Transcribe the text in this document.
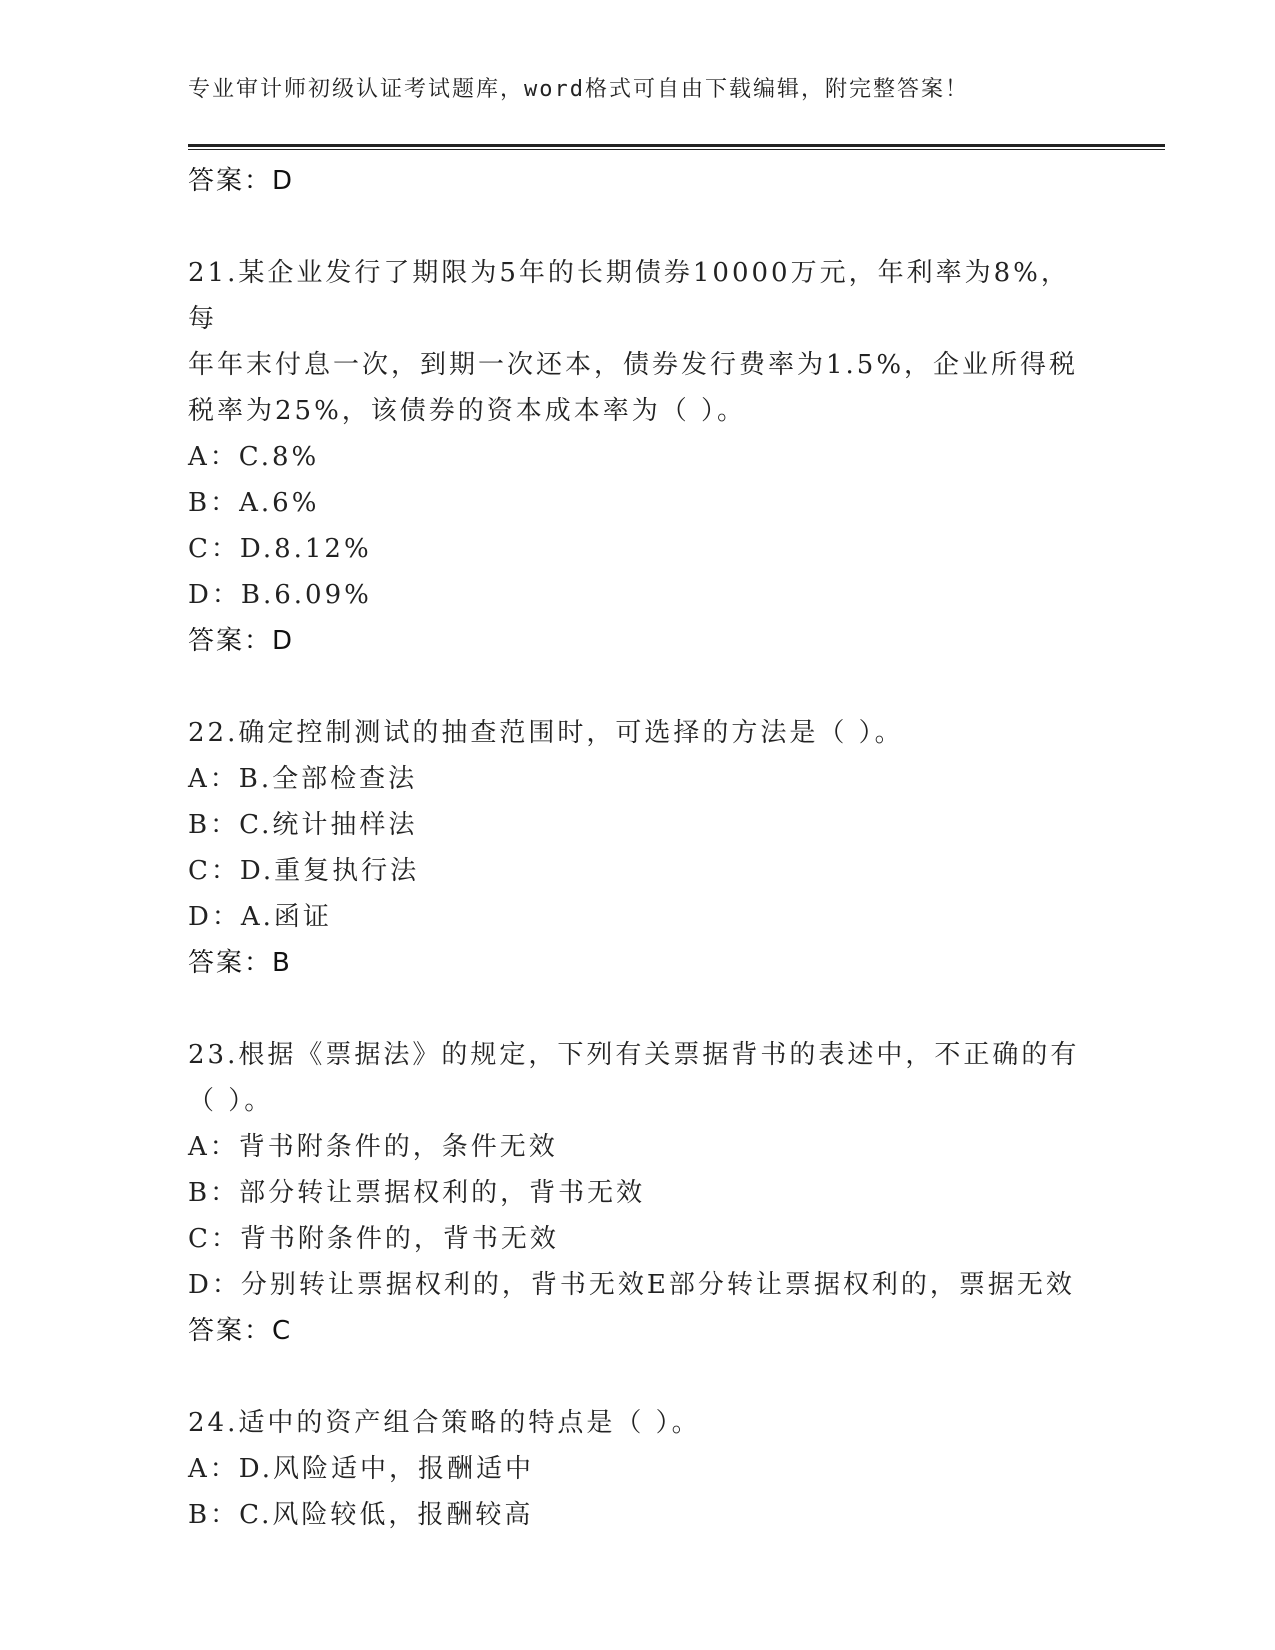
专业审计师初级认证考试题库，word格式可自由下载编辑，附完整答案！
答案：D
21.某企业发行了期限为5年的长期债券10000万元，年利率为8%，每
年年末付息一次，到期一次还本，债券发行费率为1.5%，企业所得税
税率为25%，该债券的资本成本率为（ ）。
A：C.8%
B：A.6%
C：D.8.12%
D：B.6.09%
答案：D
22.确定控制测试的抽查范围时，可选择的方法是（ ）。
A：B.全部检查法
B：C.统计抽样法
C：D.重复执行法
D：A.函证
答案：B
23.根据《票据法》的规定，下列有关票据背书的表述中，不正确的有
（ ）。
A：背书附条件的，条件无效
B：部分转让票据权利的，背书无效
C：背书附条件的，背书无效
D：分别转让票据权利的，背书无效E部分转让票据权利的，票据无效
答案：C
24.适中的资产组合策略的特点是（ ）。
A：D.风险适中，报酬适中
B：C.风险较低，报酬较高
